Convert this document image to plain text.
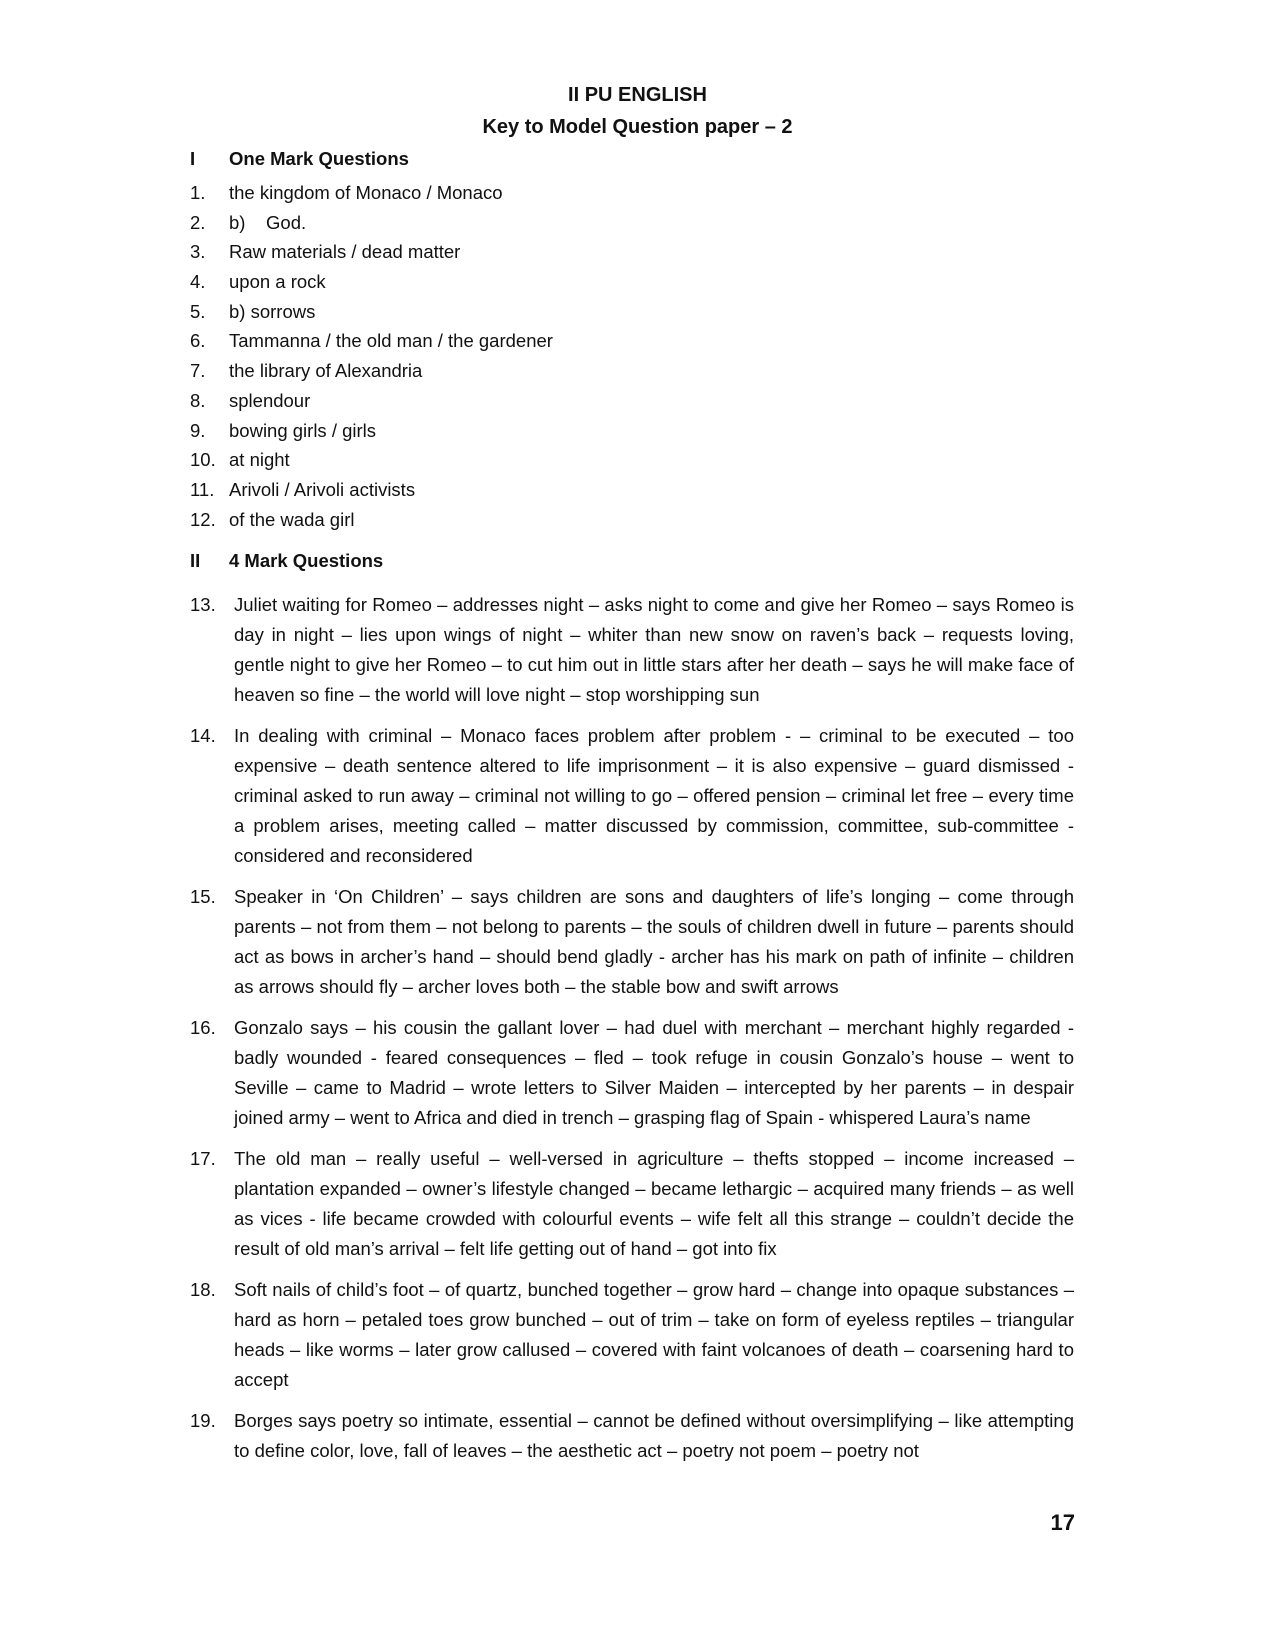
II PU ENGLISH
Key to Model Question paper – 2
I One Mark Questions
1. the kingdom of Monaco / Monaco
2. b)    God.
3. Raw materials / dead matter
4. upon a rock
5. b) sorrows
6. Tammanna / the old man / the gardener
7. the library of Alexandria
8. splendour
9. bowing girls / girls
10. at night
11. Arivoli / Arivoli activists
12. of the wada girl
II 4 Mark Questions
13. Juliet waiting for Romeo – addresses night – asks night to come and give her Romeo – says Romeo is day in night – lies upon wings of night – whiter than new snow on raven’s back – requests loving, gentle night to give her Romeo – to cut him out in little stars after her death – says he will make face of heaven so fine – the world will love night – stop worshipping sun
14. In dealing with criminal – Monaco faces problem after problem - – criminal to be executed – too expensive – death sentence altered to life imprisonment – it is also expensive – guard dismissed - criminal asked to run away – criminal not willing to go – offered pension – criminal let free – every time a problem arises, meeting called – matter discussed by commission, committee, sub-committee - considered and reconsidered
15. Speaker in ‘On Children’ – says children are sons and daughters of life’s longing – come through parents – not from them – not belong to parents – the souls of children dwell in future – parents should act as bows in archer’s hand – should bend gladly - archer has his mark on path of infinite – children as arrows should fly – archer loves both – the stable bow and swift arrows
16. Gonzalo says – his cousin the gallant lover – had duel with merchant – merchant highly regarded - badly wounded - feared consequences – fled – took refuge in cousin Gonzalo’s house – went to Seville – came to Madrid – wrote letters to Silver Maiden – intercepted by her parents – in despair joined army – went to Africa and died in trench – grasping flag of Spain - whispered Laura’s name
17. The old man – really useful – well-versed in agriculture – thefts stopped – income increased – plantation expanded – owner’s lifestyle changed – became lethargic – acquired many friends – as well as vices - life became crowded with colourful events – wife felt all this strange – couldn’t decide the result of old man’s arrival – felt life getting out of hand – got into fix
18. Soft nails of child’s foot – of quartz, bunched together – grow hard – change into opaque substances – hard as horn – petaled toes grow bunched – out of trim – take on form of eyeless reptiles – triangular heads – like worms – later grow callused – covered with faint volcanoes of death – coarsening hard to accept
19. Borges says poetry so intimate, essential – cannot be defined without oversimplifying – like attempting to define color, love, fall of leaves – the aesthetic act – poetry not poem – poetry not
17
